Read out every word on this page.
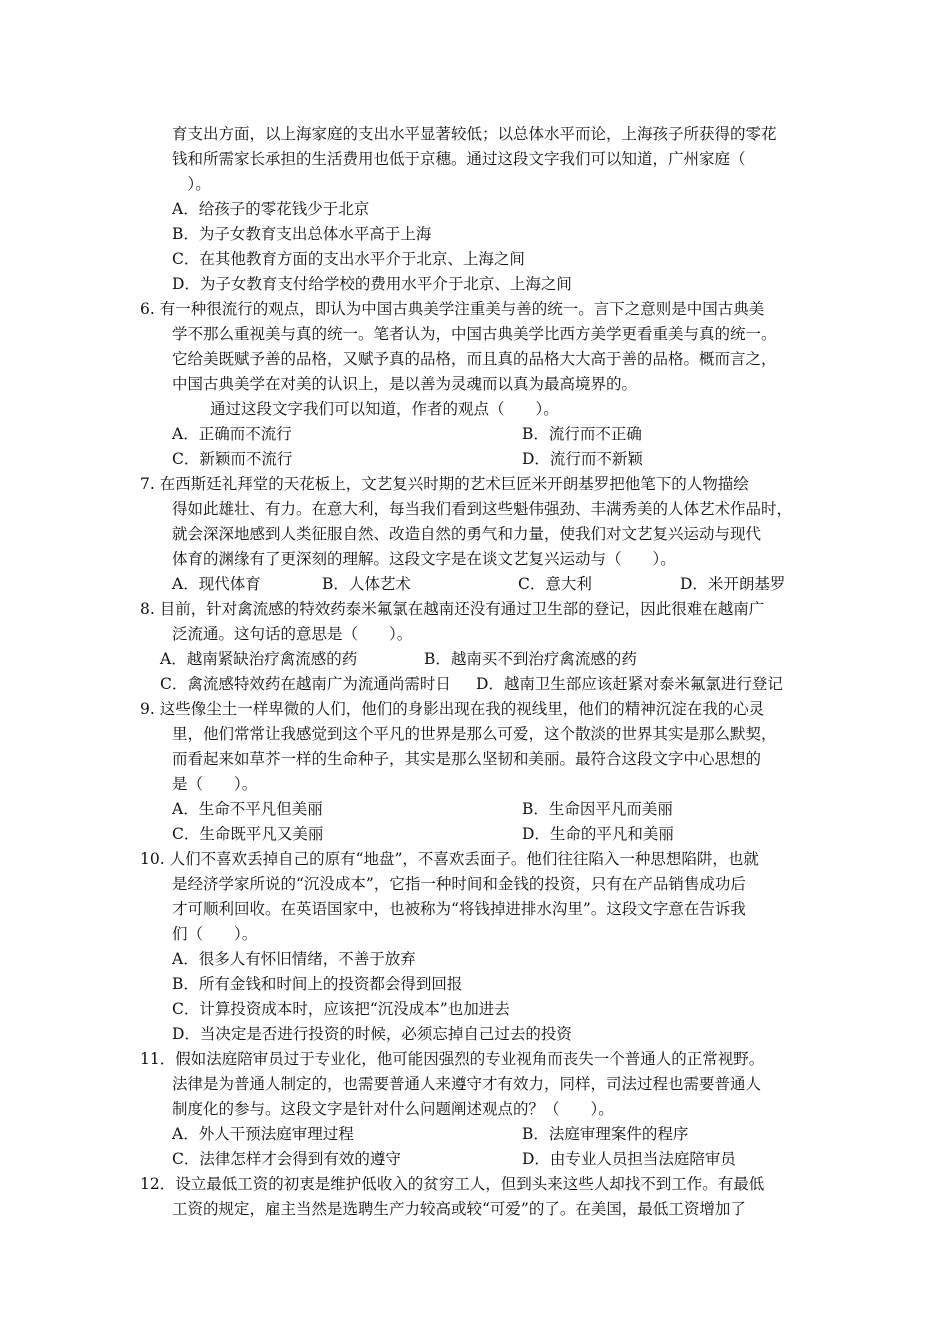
育支出方面，以上海家庭的支出水平显著较低；以总体水平而论，上海孩子所获得的零花
钱和所需家长承担的生活费用也低于京穗。通过这段文字我们可以知道，广州家庭（
　）。
A．给孩子的零花钱少于北京
B．为子女教育支出总体水平高于上海
C．在其他教育方面的支出水平介于北京、上海之间
D．为子女教育支付给学校的费用水平介于北京、上海之间
6. 有一种很流行的观点，即认为中国古典美学注重美与善的统一。言下之意则是中国古典美
学不那么重视美与真的统一。笔者认为，中国古典美学比西方美学更看重美与真的统一。
它给美既赋予善的品格，又赋予真的品格，而且真的品格大大高于善的品格。概而言之，
中国古典美学在对美的认识上，是以善为灵魂而以真为最高境界的。
通过这段文字我们可以知道，作者的观点（　　）。
A．正确而不流行	B．流行而不正确
C．新颖而不流行	D．流行而不新颖
7. 在西斯廷礼拜堂的天花板上，文艺复兴时期的艺术巨匠米开朗基罗把他笔下的人物描绘
得如此雄壮、有力。在意大利，每当我们看到这些魁伟强劲、丰满秀美的人体艺术作品时，
就会深深地感到人类征服自然、改造自然的勇气和力量，使我们对文艺复兴运动与现代
体育的渊缘有了更深刻的理解。这段文字是在谈文艺复兴运动与（　　）。
A．现代体育	B．人体艺术	C．意大利	D．米开朗基罗
8. 目前，针对禽流感的特效药泰米氟氯在越南还没有通过卫生部的登记，因此很难在越南广
泛流通。这句话的意思是（　　）。
A．越南紧缺治疗禽流感的药	B．越南买不到治疗禽流感的药
C．禽流感特效药在越南广为流通尚需时日 D．越南卫生部应该赶紧对泰米氟氯进行登记
9. 这些像尘土一样卑微的人们，他们的身影出现在我的视线里，他们的精神沉淀在我的心灵
里，他们常常让我感觉到这个平凡的世界是那么可爱，这个散淡的世界其实是那么默契，
而看起来如草芥一样的生命种子，其实是那么坚韧和美丽。最符合这段文字中心思想的
是（　　）。
A．生命不平凡但美丽	B．生命因平凡而美丽
C．生命既平凡又美丽	D．生命的平凡和美丽
10. 人们不喜欢丢掉自己的原有“地盘”，不喜欢丢面子。他们往往陷入一种思想陷阱，也就
是经济学家所说的“沉没成本”，它指一种时间和金钱的投资，只有在产品销售成功后
才可顺利回收。在英语国家中，也被称为“将钱掉进排水沟里”。这段文字意在告诉我
们（　　）。
A．很多人有怀旧情绪，不善于放弃
B．所有金钱和时间上的投资都会得到回报
C．计算投资成本时，应该把“沉没成本”也加进去
D．当决定是否进行投资的时候，必须忘掉自己过去的投资
11．假如法庭陪审员过于专业化，他可能因强烈的专业视角而丧失一个普通人的正常视野。
法律是为普通人制定的，也需要普通人来遵守才有效力，同样，司法过程也需要普通人
制度化的参与。这段文字是针对什么问题阐述观点的？（　　）。
A．外人干预法庭审理过程	B．法庭审理案件的程序
C．法律怎样才会得到有效的遵守	D．由专业人员担当法庭陪审员
12．设立最低工资的初衷是维护低收入的贫穷工人，但到头来这些人却找不到工作。有最低
工资的规定，雇主当然是选聘生产力较高或较“可爱”的了。在美国，最低工资增加了
